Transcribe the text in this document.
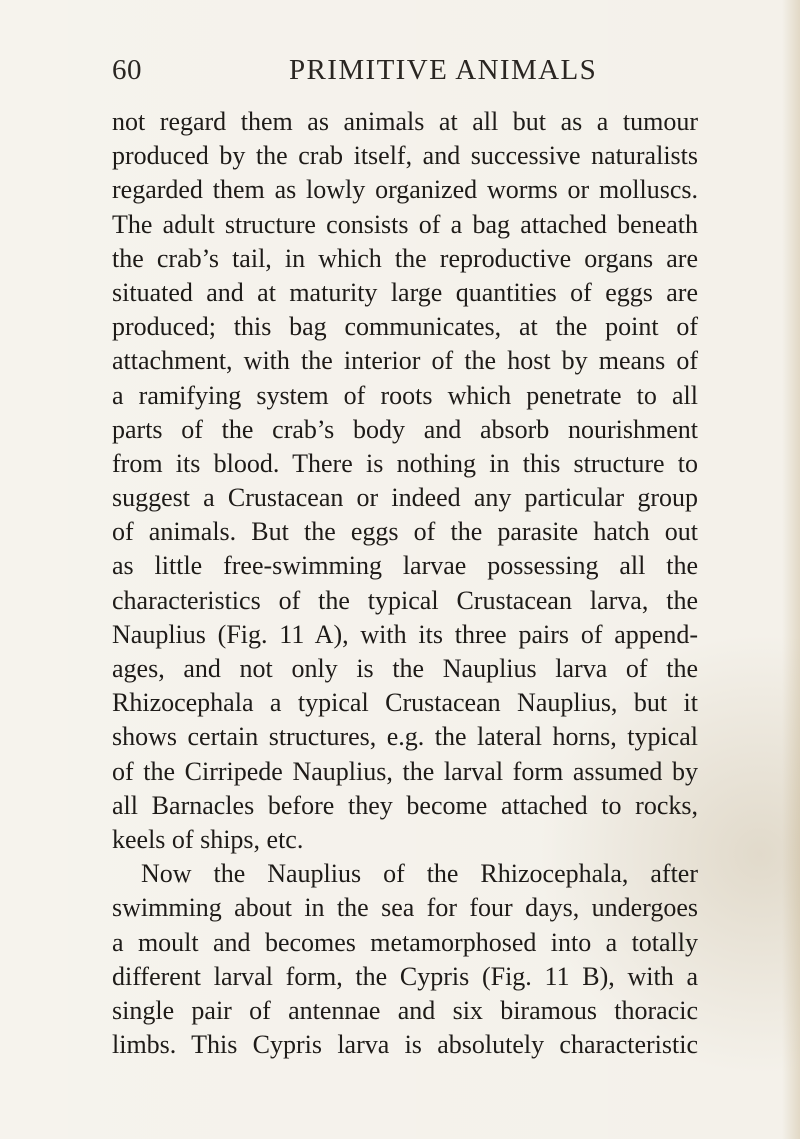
60	PRIMITIVE ANIMALS
not regard them as animals at all but as a tumour
produced by the crab itself, and successive naturalists
regarded them as lowly organized worms or molluscs.
The adult structure consists of a bag attached beneath
the crab’s tail, in which the reproductive organs are
situated and at maturity large quantities of eggs are
produced; this bag communicates, at the point of
attachment, with the interior of the host by means of
a ramifying system of roots which penetrate to all
parts of the crab’s body and absorb nourishment
from its blood. There is nothing in this structure to
suggest a Crustacean or indeed any particular group
of animals. But the eggs of the parasite hatch out
as little free-swimming larvae possessing all the
characteristics of the typical Crustacean larva, the
Nauplius (Fig. 11 A), with its three pairs of append-
ages, and not only is the Nauplius larva of the
Rhizocephala a typical Crustacean Nauplius, but it
shows certain structures, e.g. the lateral horns, typical
of the Cirripede Nauplius, the larval form assumed by
all Barnacles before they become attached to rocks,
keels of ships, etc.
Now the Nauplius of the Rhizocephala, after
swimming about in the sea for four days, undergoes
a moult and becomes metamorphosed into a totally
different larval form, the Cypris (Fig. 11 B), with a
single pair of antennae and six biramous thoracic
limbs. This Cypris larva is absolutely characteristic
